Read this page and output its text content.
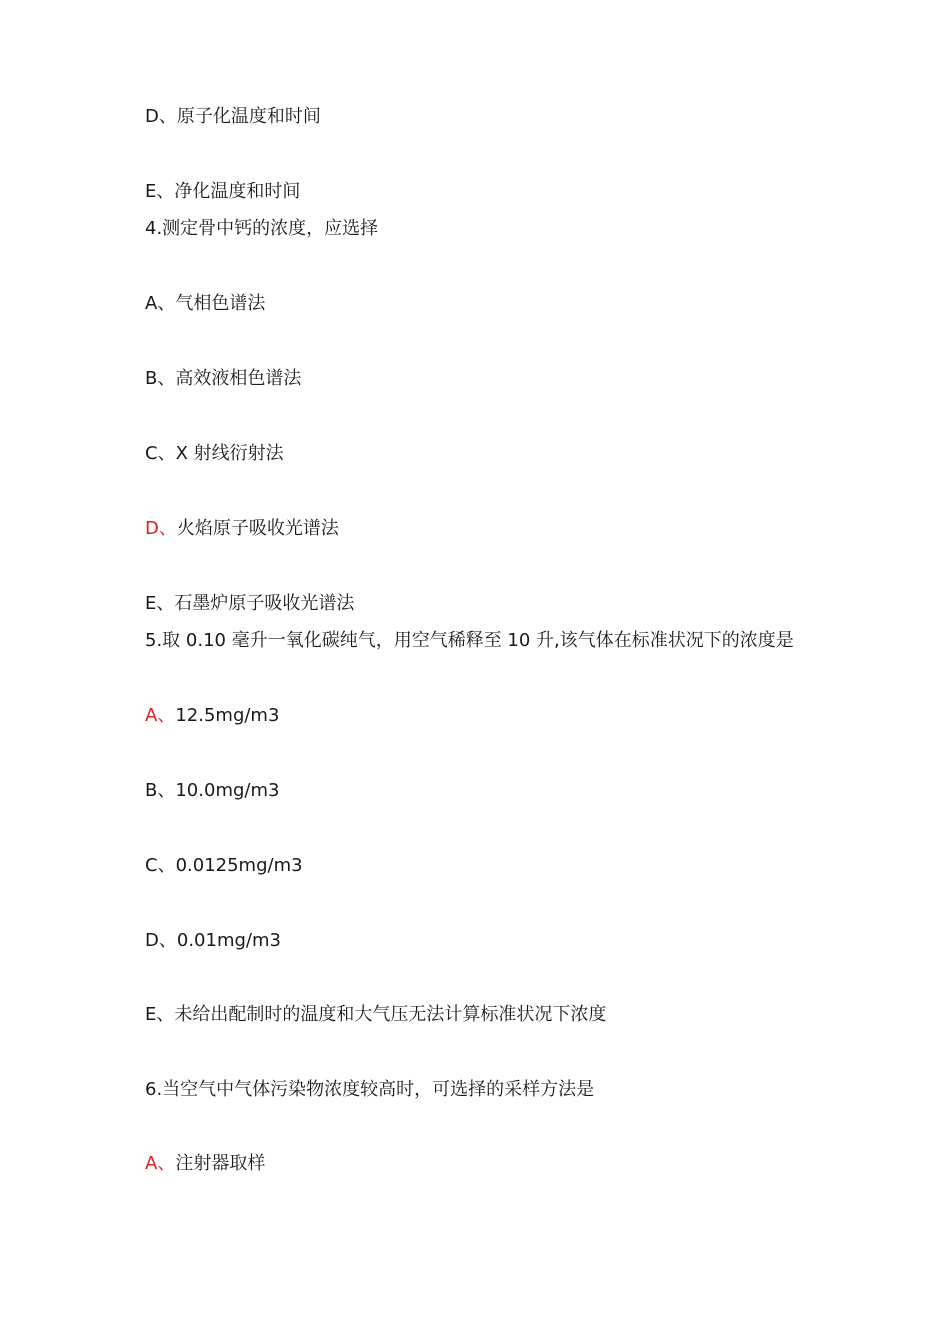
D、原子化温度和时间
E、净化温度和时间
4.测定骨中钙的浓度，应选择
A、气相色谱法
B、高效液相色谱法
C、X 射线衍射法
D、火焰原子吸收光谱法
E、石墨炉原子吸收光谱法
5.取 0.10 毫升一氧化碳纯气，用空气稀释至 10 升,该气体在标准状况下的浓度是
A、12.5mg/m3
B、10.0mg/m3
C、0.0125mg/m3
D、0.01mg/m3
E、未给出配制时的温度和大气压无法计算标准状况下浓度
6.当空气中气体污染物浓度较高时，可选择的采样方法是
A、注射器取样
